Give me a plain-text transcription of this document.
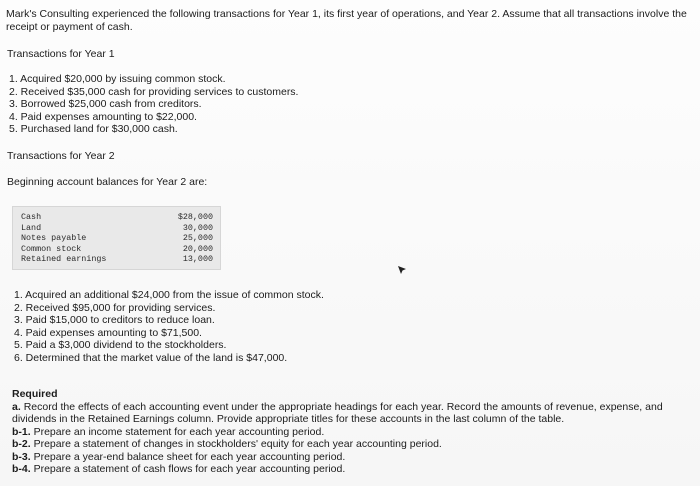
Mark's Consulting experienced the following transactions for Year 1, its first year of operations, and Year 2. Assume that all transactions involve the receipt or payment of cash.
Transactions for Year 1
1. Acquired $20,000 by issuing common stock.
2. Received $35,000 cash for providing services to customers.
3. Borrowed $25,000 cash from creditors.
4. Paid expenses amounting to $22,000.
5. Purchased land for $30,000 cash.
Transactions for Year 2
Beginning account balances for Year 2 are:
Cash	$28,000
Land	30,000
Notes payable	25,000
Common stock	20,000
Retained earnings	13,000
1. Acquired an additional $24,000 from the issue of common stock.
2. Received $95,000 for providing services.
3. Paid $15,000 to creditors to reduce loan.
4. Paid expenses amounting to $71,500.
5. Paid a $3,000 dividend to the stockholders.
6. Determined that the market value of the land is $47,000.
Required

a. Record the effects of each accounting event under the appropriate headings for each year. Record the amounts of revenue, expense, and dividends in the Retained Earnings column. Provide appropriate titles for these accounts in the last column of the table.

b-1. Prepare an income statement for each year accounting period.

b-2. Prepare a statement of changes in stockholders' equity for each year accounting period.

b-3. Prepare a year-end balance sheet for each year accounting period.

b-4. Prepare a statement of cash flows for each year accounting period.
